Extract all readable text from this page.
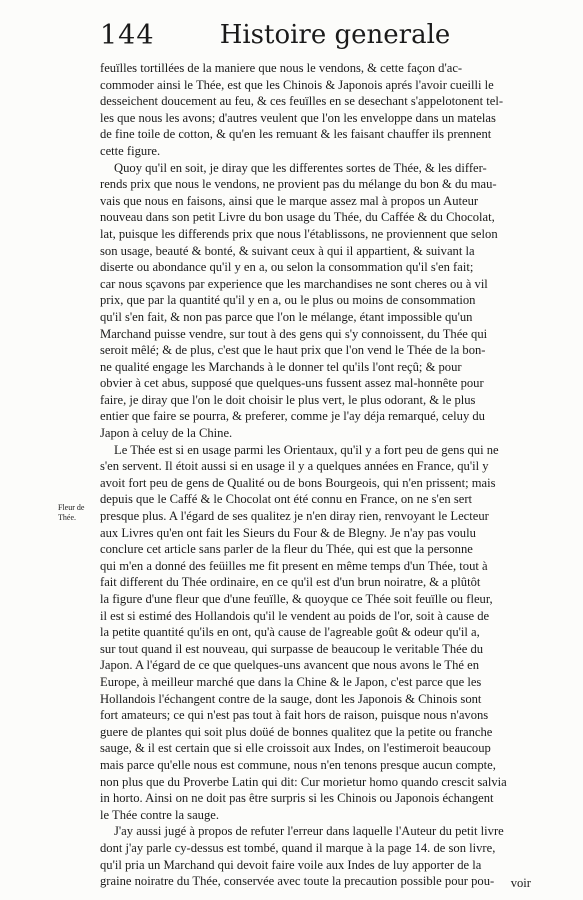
144	Histoire generale
Fleur de
Thée.
feuïlles tortillées de la maniere que nous le vendons, & cette façon d'ac-
commoder ainsi le Thée, est que les Chinois & Japonois aprés l'avoir cueilli le
desseichent doucement au feu, & ces feuïlles en se desechant s'appelotonent tel-
les que nous les avons; d'autres veulent que l'on les enveloppe dans un matelas
de fine toile de cotton, & qu'en les remuant & les faisant chauffer ils prennent
cette figure.
Quoy qu'il en soit, je diray que les differentes sortes de Thée, & les differ-
rends prix que nous le vendons, ne provient pas du mélange du bon & du mau-
vais que nous en faisons, ainsi que le marque assez mal à propos un Auteur
nouveau dans son petit Livre du bon usage du Thée, du Caffée & du Chocolat,
lat, puisque les differends prix que nous l'établissons, ne proviennent que selon
son usage, beauté & bonté, & suivant ceux à qui il appartient, & suivant la
diserte ou abondance qu'il y en a, ou selon la consommation qu'il s'en fait;
car nous sçavons par experience que les marchandises ne sont cheres ou à vil
prix, que par la quantité qu'il y en a, ou le plus ou moins de consommation
qu'il s'en fait, & non pas parce que l'on le mélange, étant impossible qu'un
Marchand puisse vendre, sur tout à des gens qui s'y connoissent, du Thée qui
seroit mêlé; & de plus, c'est que le haut prix que l'on vend le Thée de la bon-
ne qualité engage les Marchands à le donner tel qu'ils l'ont reçû; & pour
obvier à cet abus, supposé que quelques-uns fussent assez mal-honnête pour
faire, je diray que l'on le doit choisir le plus vert, le plus odorant, & le plus
entier que faire se pourra, & preferer, comme je l'ay déja remarqué, celuy du
Japon à celuy de la Chine.
Le Thée est si en usage parmi les Orientaux, qu'il y a fort peu de gens qui ne
s'en servent. Il étoit aussi si en usage il y a quelques années en France, qu'il y
avoit fort peu de gens de Qualité ou de bons Bourgeois, qui n'en prissent; mais
depuis que le Caffé & le Chocolat ont été connu en France, on ne s'en sert
presque plus. A l'égard de ses qualitez je n'en diray rien, renvoyant le Lecteur
aux Livres qu'en ont fait les Sieurs du Four & de Blegny. Je n'ay pas voulu
conclure cet article sans parler de la fleur du Thée, qui est que la personne
qui m'en a donné des feüilles me fit present en même temps d'un Thée, tout à
fait different du Thée ordinaire, en ce qu'il est d'un brun noiratre, & a plûtôt
la figure d'une fleur que d'une feuïlle, & quoyque ce Thée soit feuïlle ou fleur,
il est si estimé des Hollandois qu'il le vendent au poids de l'or, soit à cause de
la petite quantité qu'ils en ont, qu'à cause de l'agreable goût & odeur qu'il a,
sur tout quand il est nouveau, qui surpasse de beaucoup le veritable Thée du
Japon. A l'égard de ce que quelques-uns avancent que nous avons le Thé en
Europe, à meilleur marché que dans la Chine & le Japon, c'est parce que les
Hollandois l'échangent contre de la sauge, dont les Japonois & Chinois sont
fort amateurs; ce qui n'est pas tout à fait hors de raison, puisque nous n'avons
guere de plantes qui soit plus doüé de bonnes qualitez que la petite ou franche
sauge, & il est certain que si elle croissoit aux Indes, on l'estimeroit beaucoup
mais parce qu'elle nous est commune, nous n'en tenons presque aucun compte,
non plus que du Proverbe Latin qui dit: Cur morietur homo quando crescit salvia
in horto. Ainsi on ne doit pas être surpris si les Chinois ou Japonois échangent
le Thée contre la sauge.
J'ay aussi jugé à propos de refuter l'erreur dans laquelle l'Auteur du petit livre
dont j'ay parle cy-dessus est tombé, quand il marque à la page 14. de son livre,
qu'il pria un Marchand qui devoit faire voile aux Indes de luy apporter de la
graine noiratre du Thée, conservée avec toute la precaution possible pour pou-	voir
